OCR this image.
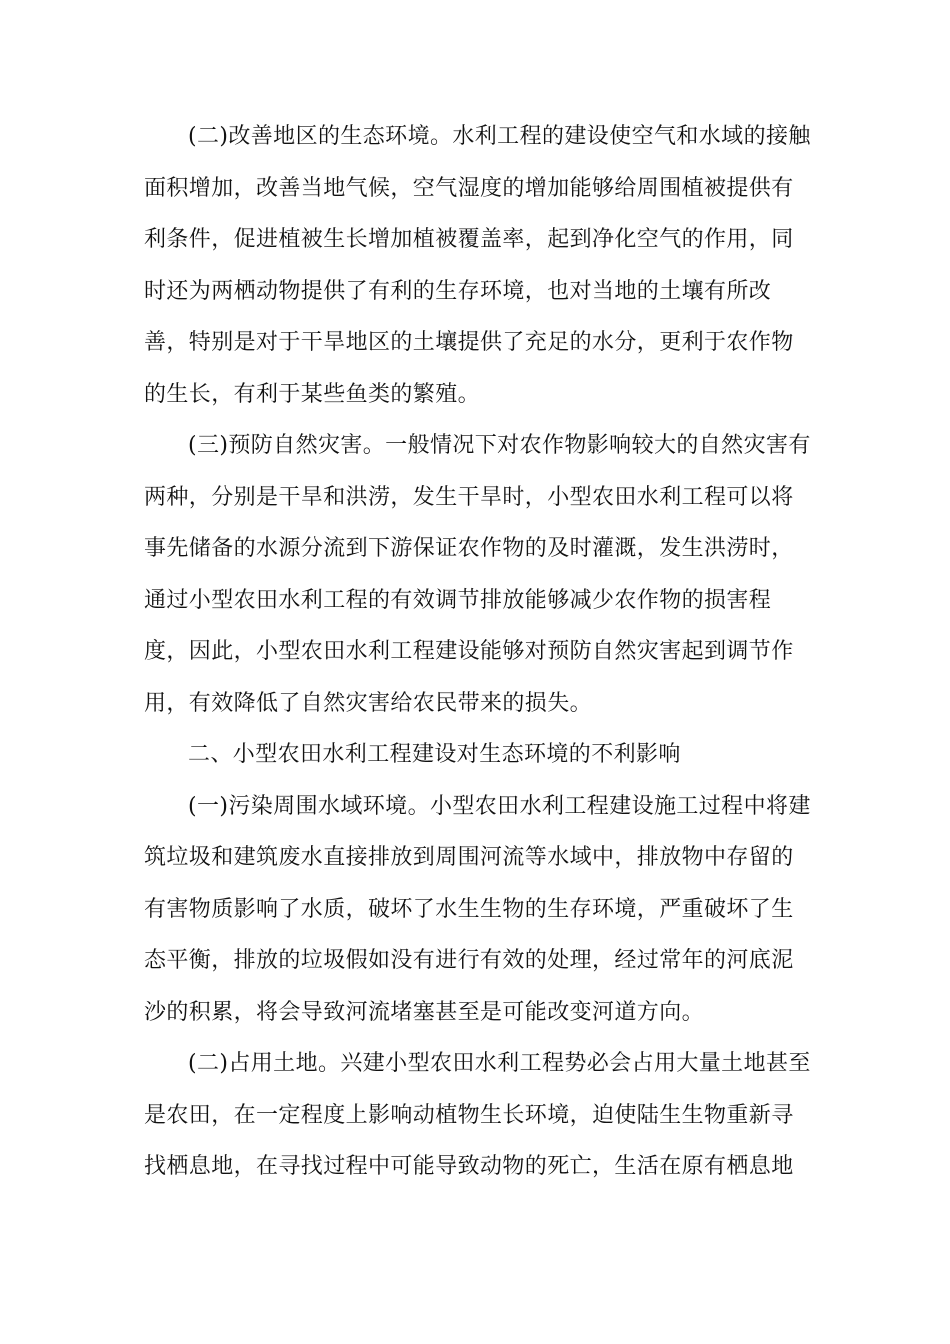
(二)改善地区的生态环境。水利工程的建设使空气和水域的接触
面积增加，改善当地气候，空气湿度的增加能够给周围植被提供有
利条件，促进植被生长增加植被覆盖率，起到净化空气的作用，同
时还为两栖动物提供了有利的生存环境，也对当地的土壤有所改
善，特别是对于干旱地区的土壤提供了充足的水分，更利于农作物
的生长，有利于某些鱼类的繁殖。
(三)预防自然灾害。一般情况下对农作物影响较大的自然灾害有
两种，分别是干旱和洪涝，发生干旱时，小型农田水利工程可以将
事先储备的水源分流到下游保证农作物的及时灌溉，发生洪涝时，
通过小型农田水利工程的有效调节排放能够减少农作物的损害程
度，因此，小型农田水利工程建设能够对预防自然灾害起到调节作
用，有效降低了自然灾害给农民带来的损失。
二、小型农田水利工程建设对生态环境的不利影响
(一)污染周围水域环境。小型农田水利工程建设施工过程中将建
筑垃圾和建筑废水直接排放到周围河流等水域中，排放物中存留的
有害物质影响了水质，破坏了水生生物的生存环境，严重破坏了生
态平衡，排放的垃圾假如没有进行有效的处理，经过常年的河底泥
沙的积累，将会导致河流堵塞甚至是可能改变河道方向。
(二)占用土地。兴建小型农田水利工程势必会占用大量土地甚至
是农田，在一定程度上影响动植物生长环境，迫使陆生生物重新寻
找栖息地，在寻找过程中可能导致动物的死亡，生活在原有栖息地
